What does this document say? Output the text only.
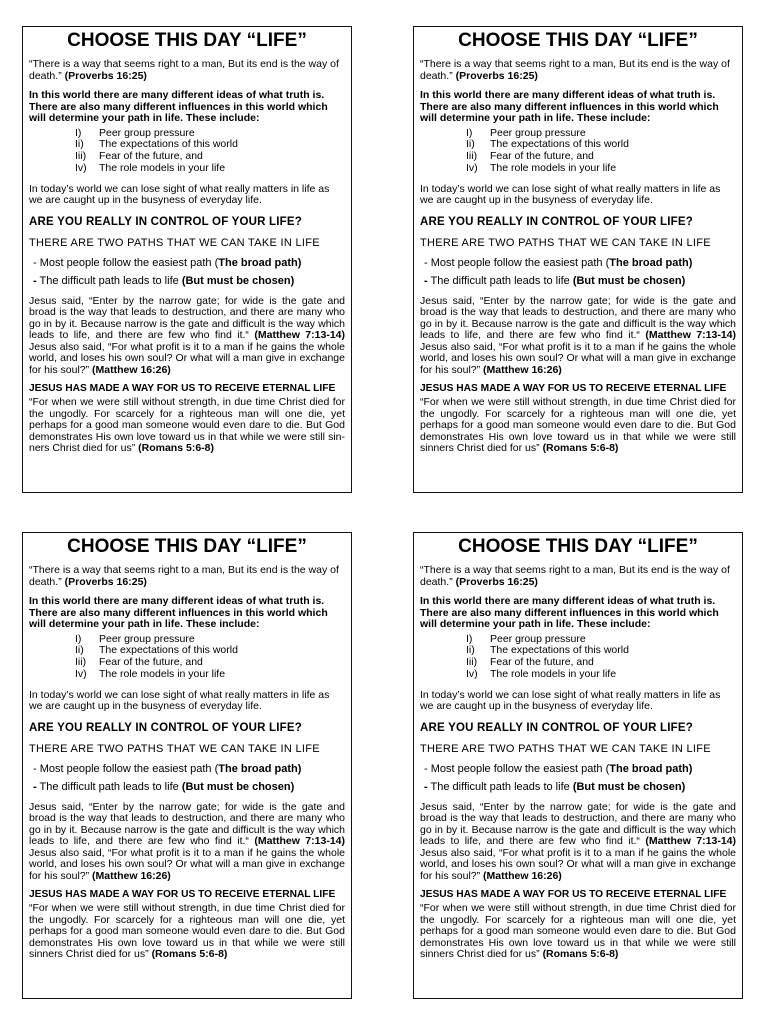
CHOOSE THIS DAY “LIFE”
“There is a way that seems right to a man, But its end is the way of death.” (Proverbs 16:25)
In this world there are many different ideas of what truth is. There are also many different influences in this world which will determine your path in life. These include:
I)	Peer group pressure
Ii)	The expectations of this world
Iii)	Fear of the future, and
Iv)	The role models in your life
In today’s world we can lose sight of what really matters in life as we are caught up in the busyness of everyday life.
ARE YOU REALLY IN CONTROL OF YOUR LIFE?
THERE ARE TWO PATHS THAT WE CAN TAKE IN LIFE
- Most people follow the easiest path (The broad path)
- The difficult path leads to life (But must be chosen)
Jesus said, “Enter by the narrow gate; for wide is the gate and broad is the way that leads to destruction, and there are many who go in by it. Because narrow is the gate and difficult is the way which leads to life, and there are few who find it.“ (Matthew 7:13-14) Jesus also said, “For what profit is it to a man if he gains the whole world, and loses his own soul? Or what will a man give in exchange for his soul?” (Matthew 16:26)
JESUS HAS MADE A WAY FOR US TO RECEIVE ETERNAL LIFE
“For when we were still without strength, in due time Christ died for the ungodly. For scarcely for a righteous man will one die, yet perhaps for a good man someone would even dare to die. But God demonstrates His own love toward us in that while we were still sin-ners Christ died for us” (Romans 5:6-8)
CHOOSE THIS DAY “LIFE”
“There is a way that seems right to a man, But its end is the way of death.” (Proverbs 16:25)
In this world there are many different ideas of what truth is. There are also many different influences in this world which will determine your path in life. These include:
I)	Peer group pressure
Ii)	The expectations of this world
Iii)	Fear of the future, and
Iv)	The role models in your life
In today’s world we can lose sight of what really matters in life as we are caught up in the busyness of everyday life.
ARE YOU REALLY IN CONTROL OF YOUR LIFE?
THERE ARE TWO PATHS THAT WE CAN TAKE IN LIFE
- Most people follow the easiest path (The broad path)
- The difficult path leads to life (But must be chosen)
Jesus said, “Enter by the narrow gate; for wide is the gate and broad is the way that leads to destruction, and there are many who go in by it. Because narrow is the gate and difficult is the way which leads to life, and there are few who find it.“ (Matthew 7:13-14) Jesus also said, “For what profit is it to a man if he gains the whole world, and loses his own soul? Or what will a man give in exchange for his soul?” (Matthew 16:26)
JESUS HAS MADE A WAY FOR US TO RECEIVE ETERNAL LIFE
“For when we were still without strength, in due time Christ died for the ungodly. For scarcely for a righteous man will one die, yet perhaps for a good man someone would even dare to die. But God demonstrates His own love toward us in that while we were still sinners Christ died for us” (Romans 5:6-8)
CHOOSE THIS DAY “LIFE”
“There is a way that seems right to a man, But its end is the way of death.” (Proverbs 16:25)
In this world there are many different ideas of what truth is. There are also many different influences in this world which will determine your path in life. These include:
I)	Peer group pressure
Ii)	The expectations of this world
Iii)	Fear of the future, and
Iv)	The role models in your life
In today’s world we can lose sight of what really matters in life as we are caught up in the busyness of everyday life.
ARE YOU REALLY IN CONTROL OF YOUR LIFE?
THERE ARE TWO PATHS THAT WE CAN TAKE IN LIFE
- Most people follow the easiest path (The broad path)
- The difficult path leads to life (But must be chosen)
Jesus said, “Enter by the narrow gate; for wide is the gate and broad is the way that leads to destruction, and there are many who go in by it. Because narrow is the gate and difficult is the way which leads to life, and there are few who find it.“ (Matthew 7:13-14) Jesus also said, “For what profit is it to a man if he gains the whole world, and loses his own soul? Or what will a man give in exchange for his soul?” (Matthew 16:26)
JESUS HAS MADE A WAY FOR US TO RECEIVE ETERNAL LIFE
“For when we were still without strength, in due time Christ died for the ungodly. For scarcely for a righteous man will one die, yet perhaps for a good man someone would even dare to die. But God demonstrates His own love toward us in that while we were still sinners Christ died for us” (Romans 5:6-8)
CHOOSE THIS DAY “LIFE”
“There is a way that seems right to a man, But its end is the way of death.” (Proverbs 16:25)
In this world there are many different ideas of what truth is. There are also many different influences in this world which will determine your path in life. These include:
I)	Peer group pressure
Ii)	The expectations of this world
Iii)	Fear of the future, and
Iv)	The role models in your life
In today’s world we can lose sight of what really matters in life as we are caught up in the busyness of everyday life.
ARE YOU REALLY IN CONTROL OF YOUR LIFE?
THERE ARE TWO PATHS THAT WE CAN TAKE IN LIFE
- Most people follow the easiest path (The broad path)
- The difficult path leads to life (But must be chosen)
Jesus said, “Enter by the narrow gate; for wide is the gate and broad is the way that leads to destruction, and there are many who go in by it. Because narrow is the gate and difficult is the way which leads to life, and there are few who find it.“ (Matthew 7:13-14) Jesus also said, “For what profit is it to a man if he gains the whole world, and loses his own soul? Or what will a man give in exchange for his soul?” (Matthew 16:26)
JESUS HAS MADE A WAY FOR US TO RECEIVE ETERNAL LIFE
“For when we were still without strength, in due time Christ died for the ungodly. For scarcely for a righteous man will one die, yet perhaps for a good man someone would even dare to die. But God demonstrates His own love toward us in that while we were still sinners Christ died for us” (Romans 5:6-8)
